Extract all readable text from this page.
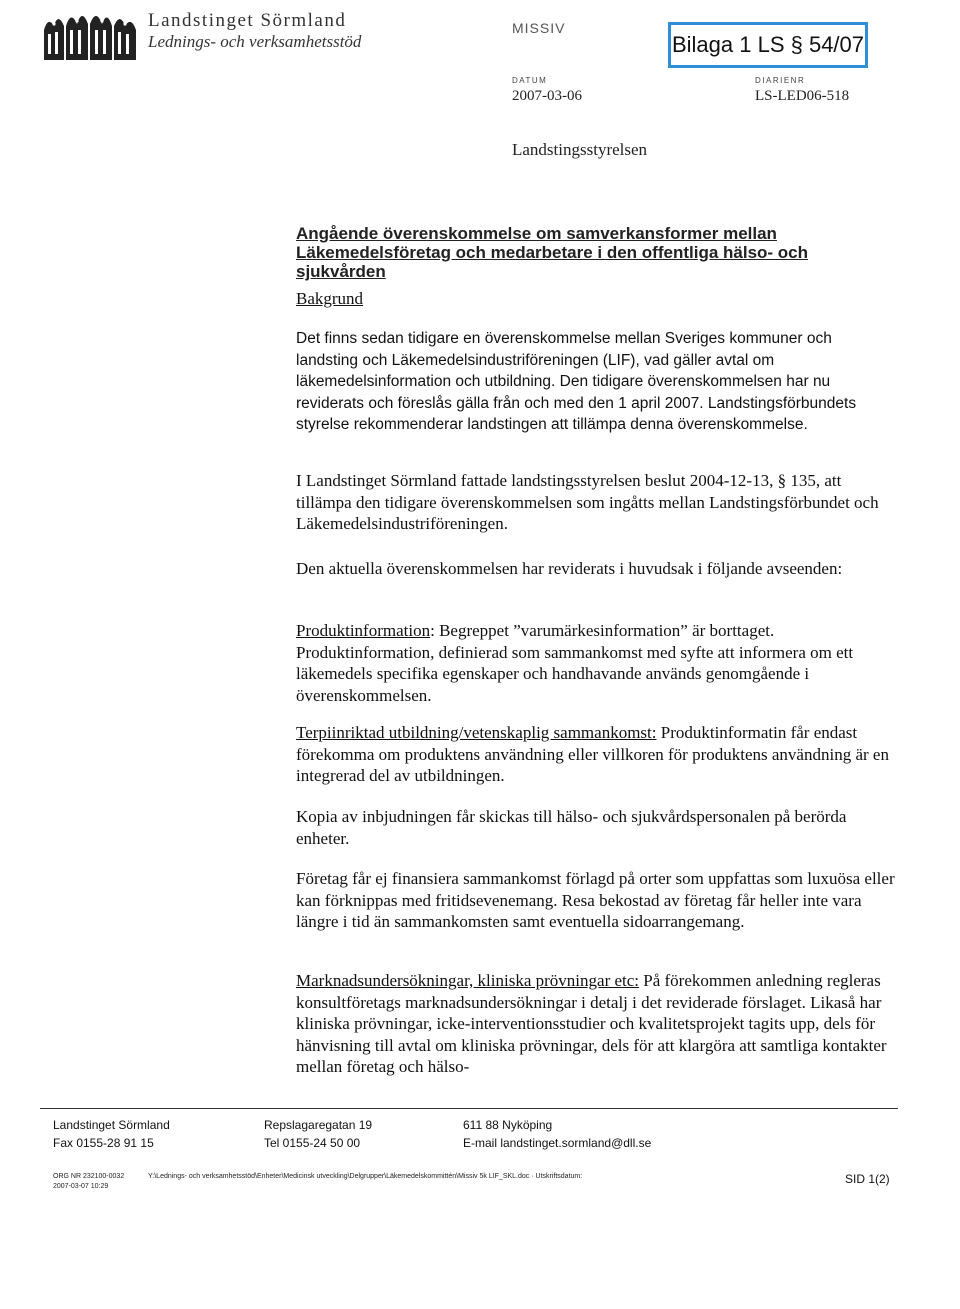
Landstinget Sörmland
Lednings- och verksamhetsstöd
MISSIV
Bilaga 1 LS § 54/07
DATUM
2007-03-06
DIARIENR
LS-LED06-518
Landstingsstyrelsen
Angående överenskommelse om samverkansformer mellan Läkemedelsföretag och medarbetare i den offentliga hälso- och sjukvården
Bakgrund
Det finns sedan tidigare en överenskommelse mellan Sveriges kommuner och landsting och Läkemedelsindustriföreningen (LIF), vad gäller avtal om läkemedelsinformation och utbildning. Den tidigare överenskommelsen har nu reviderats och föreslås gälla från och med den 1 april 2007. Landstingsförbundets styrelse rekommenderar landstingen att tillämpa denna överenskommelse.
I Landstinget Sörmland fattade landstingsstyrelsen beslut 2004-12-13, § 135, att tillämpa den tidigare överenskommelsen som ingåtts mellan Landstingsförbundet och Läkemedelsindustriföreningen.
Den aktuella överenskommelsen har reviderats i huvudsak i följande avseenden:
Produktinformation: Begreppet ”varumärkesinformation” är borttaget. Produktinformation, definierad som sammankomst med syfte att informera om ett läkemedels specifika egenskaper och handhavande används genomgående i överenskommelsen.
Terpiinriktad utbildning/vetenskaplig sammankomst: Produktinformatin får endast förekomma om produktens användning eller villkoren för produktens användning är en integrerad del av utbildningen.
Kopia av inbjudningen får skickas till hälso- och sjukvårdspersonalen på berörda enheter.
Företag får ej finansiera sammankomst förlagd på orter som uppfattas som luxuösa eller kan förknippas med fritidsevenemang. Resa bekostad av företag får heller inte vara längre i tid än sammankomsten samt eventuella sidoarrangemang.
Marknadsundersökningar, kliniska prövningar etc: På förekommen anledning regleras konsultföretags marknadsundersökningar i detalj i det reviderade förslaget. Likaså har kliniska prövningar, icke-interventionsstudier och kvalitetsprojekt tagits upp, dels för hänvisning till avtal om kliniska prövningar, dels för att klargöra att samtliga kontakter mellan företag och hälso-
Landstinget Sörmland
Fax 0155-28 91 15
Repslagaregatan 19
Tel 0155-24 50 00
611 88 Nyköping
E-mail landstinget.sormland@dll.se
ORG NR 232100-0032	Y:\Lednings- och verksamhetsstöd\Enheter\Medicinsk utveckling\Delgrupper\Läkemedelskommittén\Missiv 5k LIF_SKL.doc · Utskriftsdatum:
2007-03-07 10:29
SID 1(2)
